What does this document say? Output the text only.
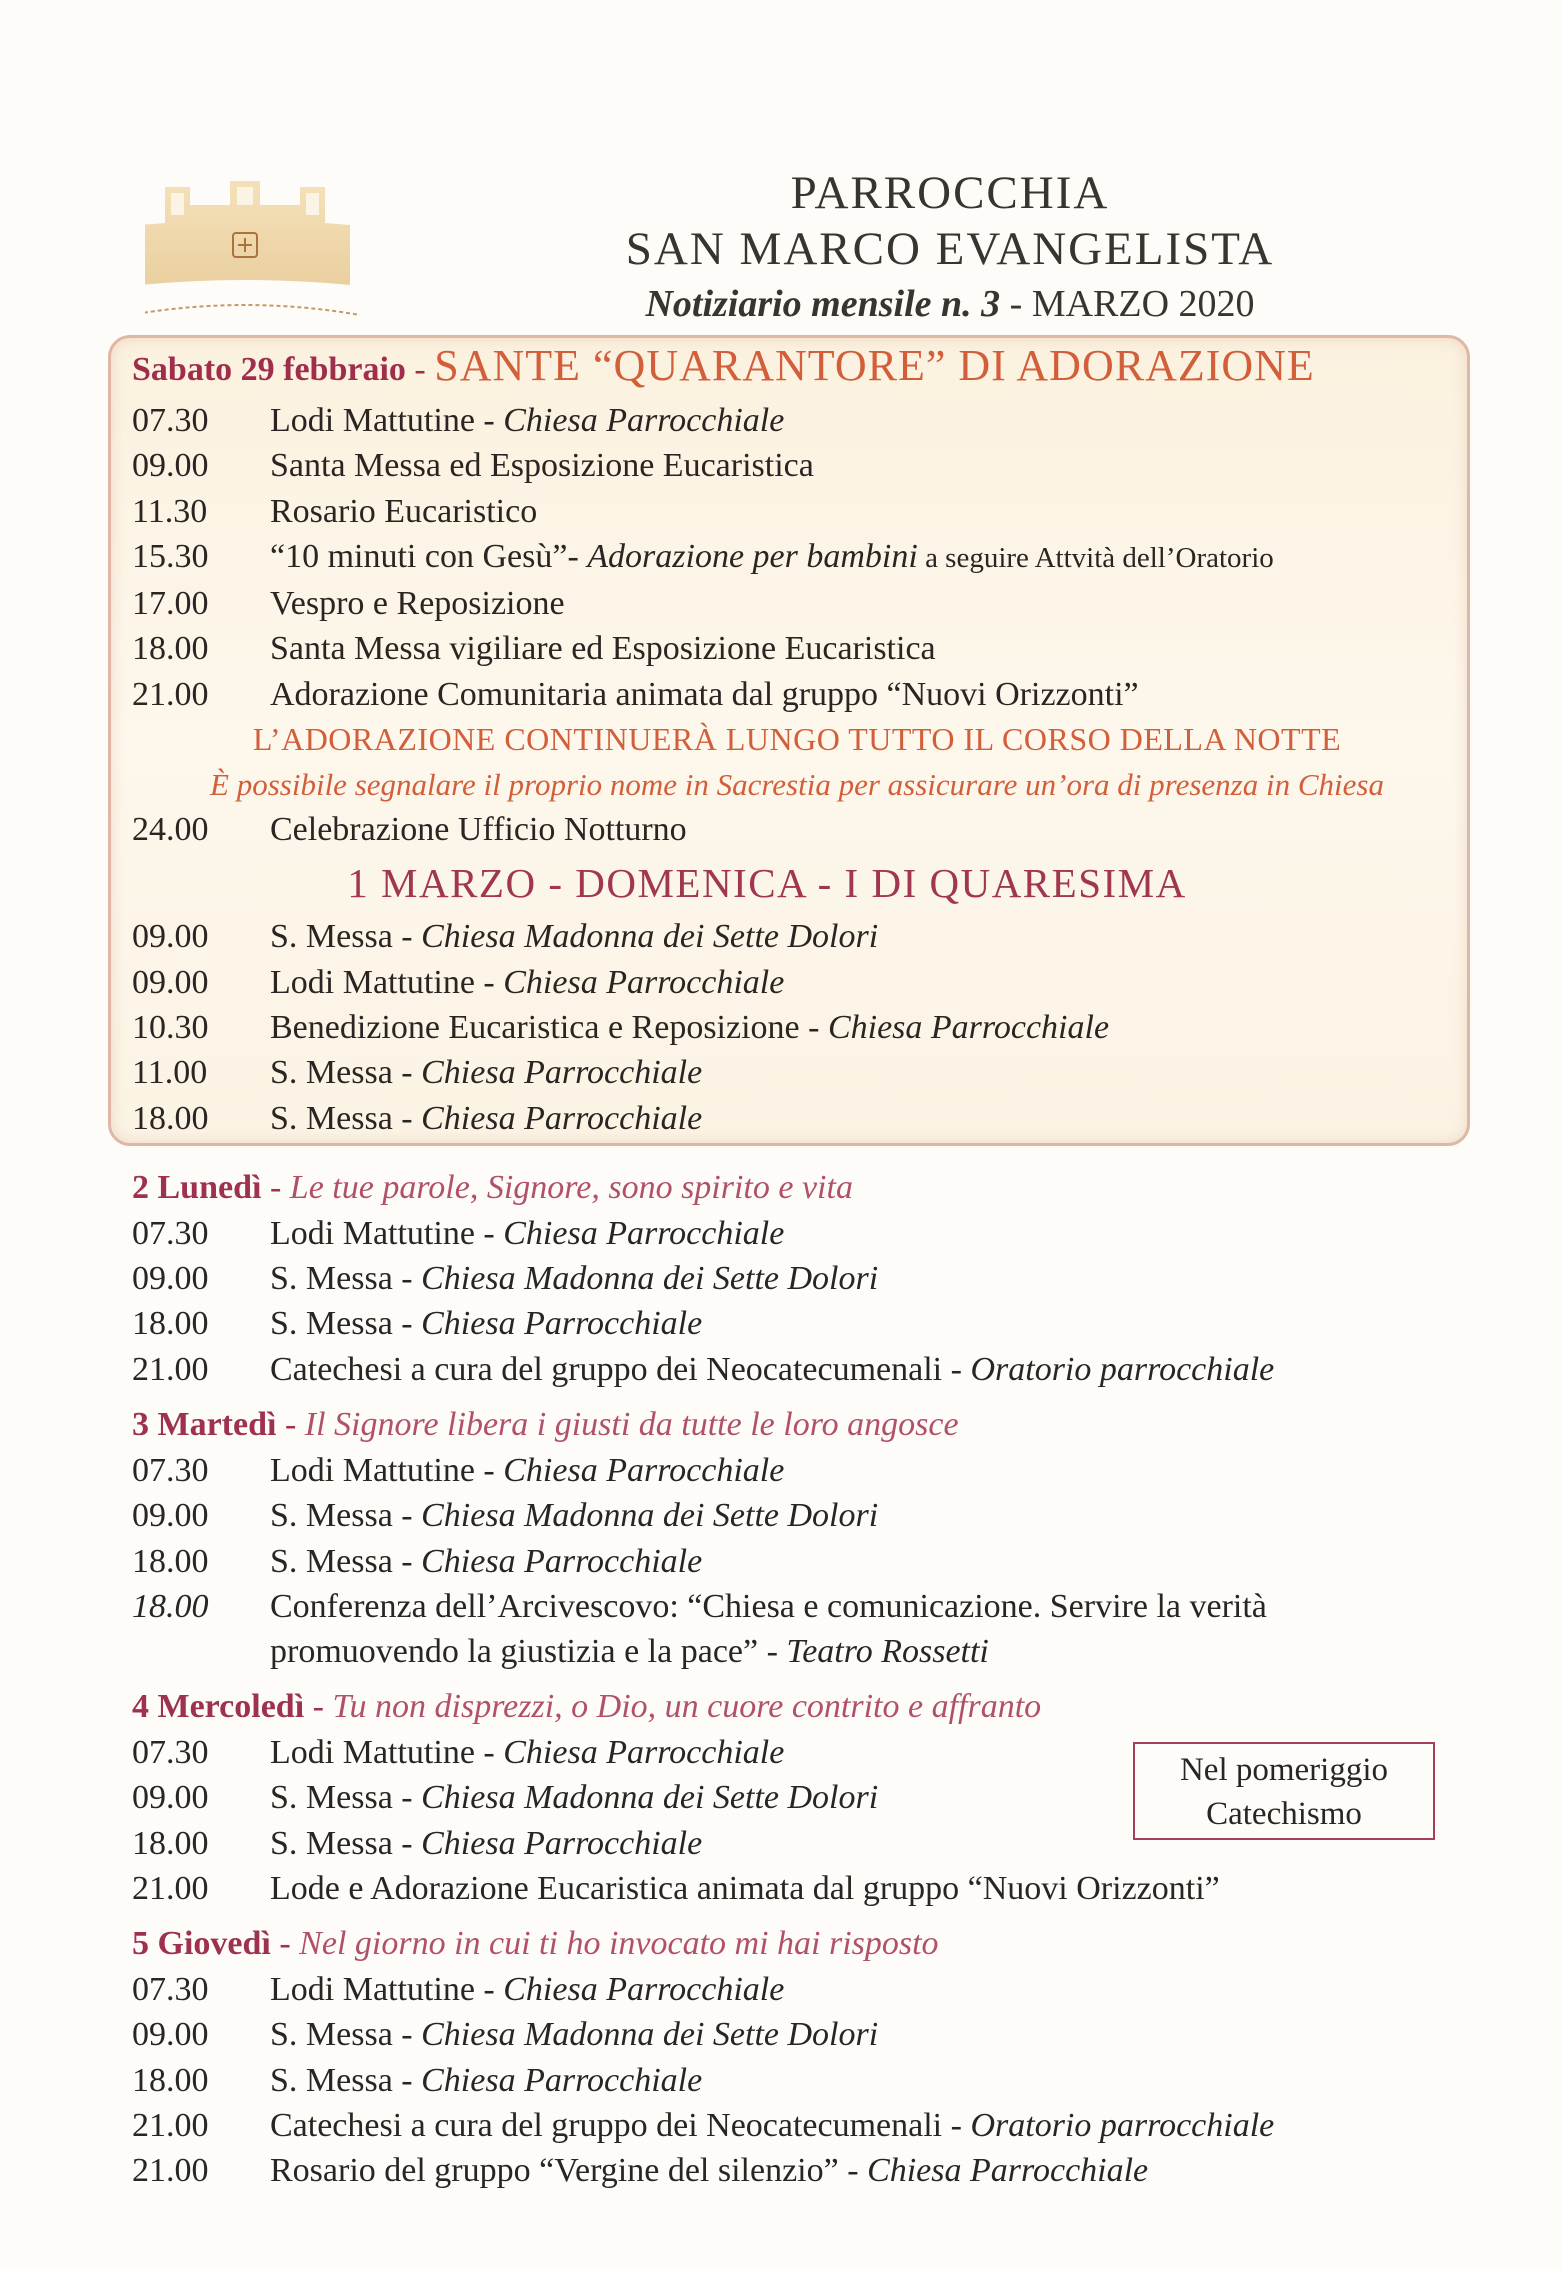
PARROCCHIA
SAN MARCO EVANGELISTA
Notiziario mensile n. 3 - MARZO 2020
Sabato 29 febbraio - SANTE “QUARANTORE” DI ADORAZIONE
07.30	Lodi Mattutine - Chiesa Parrocchiale
09.00	Santa Messa ed Esposizione Eucaristica
11.30	Rosario Eucaristico
15.30	“10 minuti con Gesù”- Adorazione per bambini a seguire Attvità dell’Oratorio
17.00	Vespro e Reposizione
18.00	Santa Messa vigiliare ed Esposizione Eucaristica
21.00	Adorazione Comunitaria animata dal gruppo “Nuovi Orizzonti”
L’ADORAZIONE CONTINUERÀ LUNGO TUTTO IL CORSO DELLA NOTTE
È possibile segnalare il proprio nome in Sacrestia per assicurare un’ora di presenza in Chiesa
24.00	Celebrazione Ufficio Notturno
1 MARZO - DOMENICA - I DI QUARESIMA
09.00	S. Messa - Chiesa Madonna dei Sette Dolori
09.00	Lodi Mattutine - Chiesa Parrocchiale
10.30	Benedizione Eucaristica e Reposizione - Chiesa Parrocchiale
11.00	S. Messa - Chiesa Parrocchiale
18.00	S. Messa - Chiesa Parrocchiale
2 Lunedì - Le tue parole, Signore, sono spirito e vita
07.30	Lodi Mattutine - Chiesa Parrocchiale
09.00	S. Messa - Chiesa Madonna dei Sette Dolori
18.00	S. Messa - Chiesa Parrocchiale
21.00	Catechesi a cura del gruppo dei Neocatecumenali - Oratorio parrocchiale
3 Martedì - Il Signore libera i giusti da tutte le loro angosce
07.30	Lodi Mattutine - Chiesa Parrocchiale
09.00	S. Messa - Chiesa Madonna dei Sette Dolori
18.00	S. Messa - Chiesa Parrocchiale
18.00	Conferenza dell’Arcivescovo: “Chiesa e comunicazione. Servire la verità promuovendo la giustizia e la pace” - Teatro Rossetti
4 Mercoledì - Tu non disprezzi, o Dio, un cuore contrito e affranto
07.30	Lodi Mattutine - Chiesa Parrocchiale
09.00	S. Messa - Chiesa Madonna dei Sette Dolori
18.00	S. Messa - Chiesa Parrocchiale
21.00	Lode e Adorazione Eucaristica animata dal gruppo “Nuovi Orizzonti”
5 Giovedì - Nel giorno in cui ti ho invocato mi hai risposto
07.30	Lodi Mattutine - Chiesa Parrocchiale
09.00	S. Messa - Chiesa Madonna dei Sette Dolori
18.00	S. Messa - Chiesa Parrocchiale
21.00	Catechesi a cura del gruppo dei Neocatecumenali - Oratorio parrocchiale
21.00	Rosario del gruppo “Vergine del silenzio” - Chiesa Parrocchiale
Nel pomeriggio
Catechismo
